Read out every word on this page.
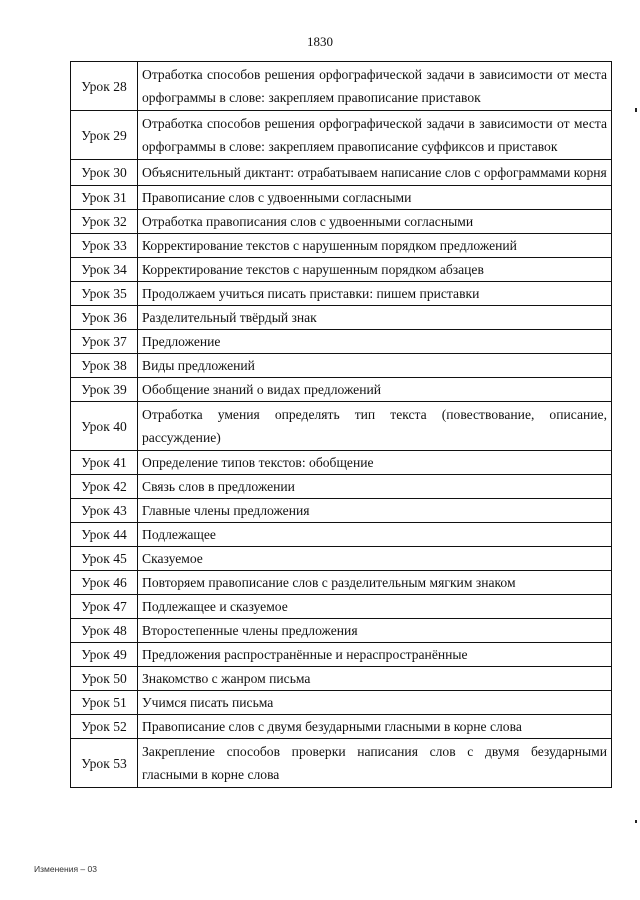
1830
Урок 28	Отработка способов решения орфографической задачи в зависимости от места орфограммы в слове: закрепляем правописание приставок
Урок 29	Отработка способов решения орфографической задачи в зависимости от места орфограммы в слове: закрепляем правописание суффиксов и приставок
Урок 30	Объяснительный диктант: отрабатываем написание слов с орфограммами корня
Урок 31	Правописание слов с удвоенными согласными
Урок 32	Отработка правописания слов с удвоенными согласными
Урок 33	Корректирование текстов с нарушенным порядком предложений
Урок 34	Корректирование текстов с нарушенным порядком абзацев
Урок 35	Продолжаем учиться писать приставки: пишем приставки
Урок 36	Разделительный твёрдый знак
Урок 37	Предложение
Урок 38	Виды предложений
Урок 39	Обобщение знаний о видах предложений
Урок 40	Отработка умения определять тип текста (повествование, описание, рассуждение)
Урок 41	Определение типов текстов: обобщение
Урок 42	Связь слов в предложении
Урок 43	Главные члены предложения
Урок 44	Подлежащее
Урок 45	Сказуемое
Урок 46	Повторяем правописание слов с разделительным мягким знаком
Урок 47	Подлежащее и сказуемое
Урок 48	Второстепенные члены предложения
Урок 49	Предложения распространённые и нераспространённые
Урок 50	Знакомство с жанром письма
Урок 51	Учимся писать письма
Урок 52	Правописание слов с двумя безударными гласными в корне слова
Урок 53	Закрепление способов проверки написания слов с двумя безударными гласными в корне слова
Изменения – 03
